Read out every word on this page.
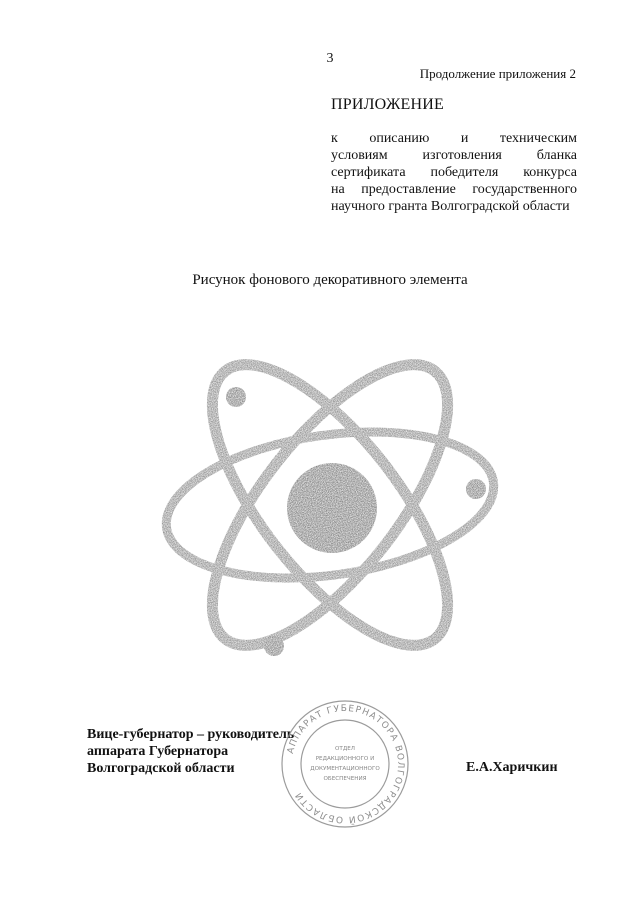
3
Продолжение приложения 2
ПРИЛОЖЕНИЕ
к описанию и техническим
условиям изготовления бланка
сертификата победителя конкурса
на предоставление государственного
научного гранта Волгоградской области
Рисунок фонового декоративного элемента
Вице-губернатор – руководитель
аппарата Губернатора
Волгоградской области	Е.А.Харичкин
АППАРАТ ГУБЕРНАТОРА ВОЛГОГРАДСКОЙ ОБЛАСТИ
ОТДЕЛ
РЕДАКЦИОННОГО И
ДОКУМЕНТАЦИОННОГО
ОБЕСПЕЧЕНИЯ
